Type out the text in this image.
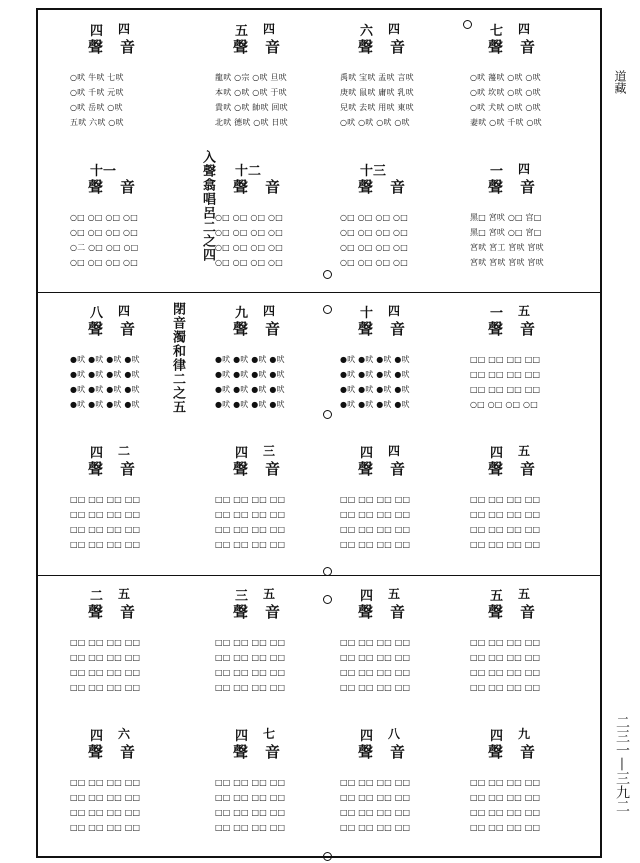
七
聲
四
音
○吠 䕕吠 ○吠 ○吠
○吠 坎吠 ○吠 ○吠
○吠 犬吠 ○吠 ○吠
妻吠 ○吠 千吠 ○吠
六
聲
四
音
禹吠 宝吠 盂吠 言吠
庚吠 鼠吠 庸吠 乳吠
兒吠 去吠 用吠 東吠
○吠 ○吠 ○吠 ○吠
五
聲
四
音
龍吠 ○宗 ○吠 旦吠
本吠 ○吠 ○吠 于吠
貴吠 ○吠 帥吠 回吠
北吠 德吠 ○吠 日吠
四
聲
四
音
○吠 牛吠 七吠
○吠 千吠 元吠
○吠 岳吠 ○吠
五吠 六吠 ○吠
一
聲
四
音
黑□ 宮吠 ○□ 宫□
黑□ 宮吠 ○□ 宮□
宮吠 宮工 宮吠 宮吠
宮吠 宮吠 宮吠 宮吠
十三
聲 音
○□ ○□ ○□ ○□
○□ ○□ ○□ ○□
○□ ○□ ○□ ○□
○□ ○□ ○□ ○□
十二
聲 音
○□ ○□ ○□ ○□
○□ ○□ ○□ ○□
○□ ○□ ○□ ○□
○□ ○□ ○□ ○□
十一
聲 音
○□ ○□ ○□ ○□
○□ ○□ ○□ ○□
○二 ○□ ○□ ○□
○□ ○□ ○□ ○□
入聲翕唱呂二之四
一
聲
五
音
□□ □□ □□ □□
□□ □□ □□ □□
□□ □□ □□ □□
○□ ○□ ○□ ○□
十
聲
四
音
●吠 ●吠 ●吠 ●吠
●吠 ●吠 ●吠 ●吠
●吠 ●吠 ●吠 ●吠
●吠 ●吠 ●吠 ●吠
九
聲
四
音
●吠 ●吠 ●吠 ●吠
●吠 ●吠 ●吠 ●吠
●吠 ●吠 ●吠 ●吠
●吠 ●吠 ●吠 ●吠
八
聲
四
音
●吠 ●吠 ●吠 ●吠
●吠 ●吠 ●吠 ●吠
●吠 ●吠 ●吠 ●吠
●吠 ●吠 ●吠 ●吠
四
聲
五
音
□□ □□ □□ □□
□□ □□ □□ □□
□□ □□ □□ □□
□□ □□ □□ □□
四
聲
四
音
□□ □□ □□ □□
□□ □□ □□ □□
□□ □□ □□ □□
□□ □□ □□ □□
四
聲
三
音
□□ □□ □□ □□
□□ □□ □□ □□
□□ □□ □□ □□
□□ □□ □□ □□
四
聲
二
音
□□ □□ □□ □□
□□ □□ □□ □□
□□ □□ □□ □□
□□ □□ □□ □□
閉音濁和律二之五
五
聲
五
音
□□ □□ □□ □□
□□ □□ □□ □□
□□ □□ □□ □□
□□ □□ □□ □□
四
聲
五
音
□□ □□ □□ □□
□□ □□ □□ □□
□□ □□ □□ □□
□□ □□ □□ □□
三
聲
五
音
□□ □□ □□ □□
□□ □□ □□ □□
□□ □□ □□ □□
□□ □□ □□ □□
二
聲
五
音
□□ □□ □□ □□
□□ □□ □□ □□
□□ □□ □□ □□
□□ □□ □□ □□
四
聲
九
音
□□ □□ □□ □□
□□ □□ □□ □□
□□ □□ □□ □□
□□ □□ □□ □□
四
聲
八
音
□□ □□ □□ □□
□□ □□ □□ □□
□□ □□ □□ □□
□□ □□ □□ □□
四
聲
七
音
□□ □□ □□ □□
□□ □□ □□ □□
□□ □□ □□ □□
□□ □□ □□ □□
四
聲
六
音
□□ □□ □□ □□
□□ □□ □□ □□
□□ □□ □□ □□
□□ □□ □□ □□
道藏
二三一—三九二
